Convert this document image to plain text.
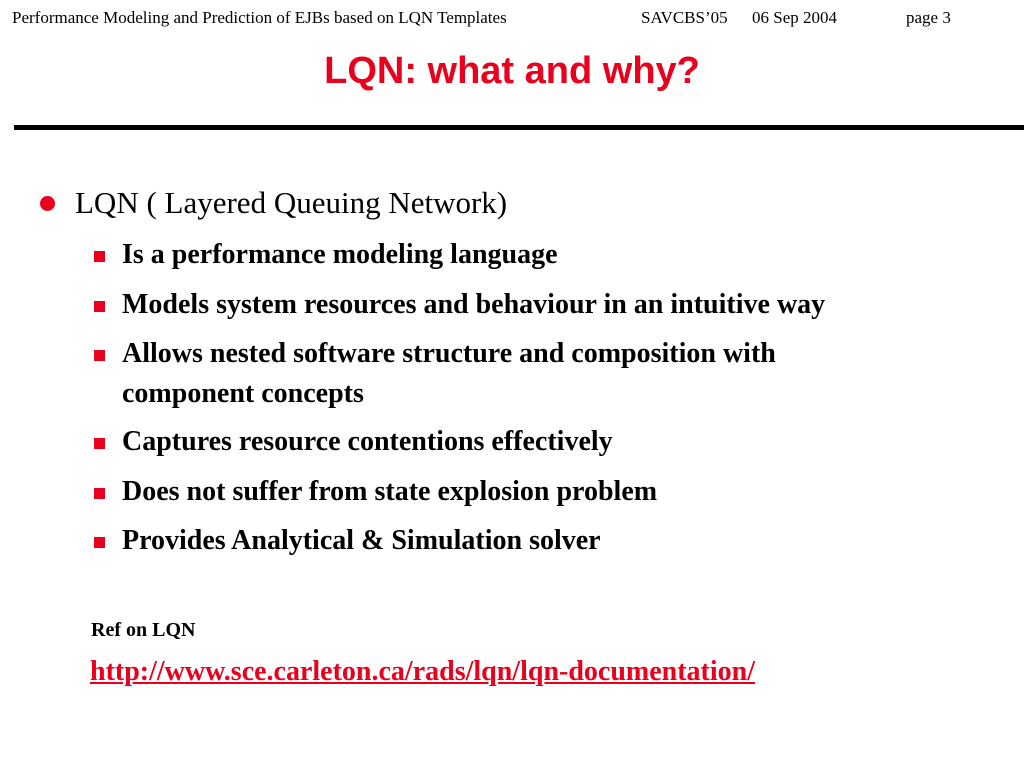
Performance Modeling and Prediction of EJBs based on LQN Templates	SAVCBS’05 06 Sep 2004	page 3
LQN: what and why?
LQN ( Layered Queuing Network)
Is a performance modeling language
Models system resources and behaviour in an intuitive way
Allows nested software structure and composition with
component concepts
Captures resource contentions effectively
Does not suffer from state explosion problem
Provides Analytical & Simulation solver
Ref on LQN
http://www.sce.carleton.ca/rads/lqn/lqn-documentation/
